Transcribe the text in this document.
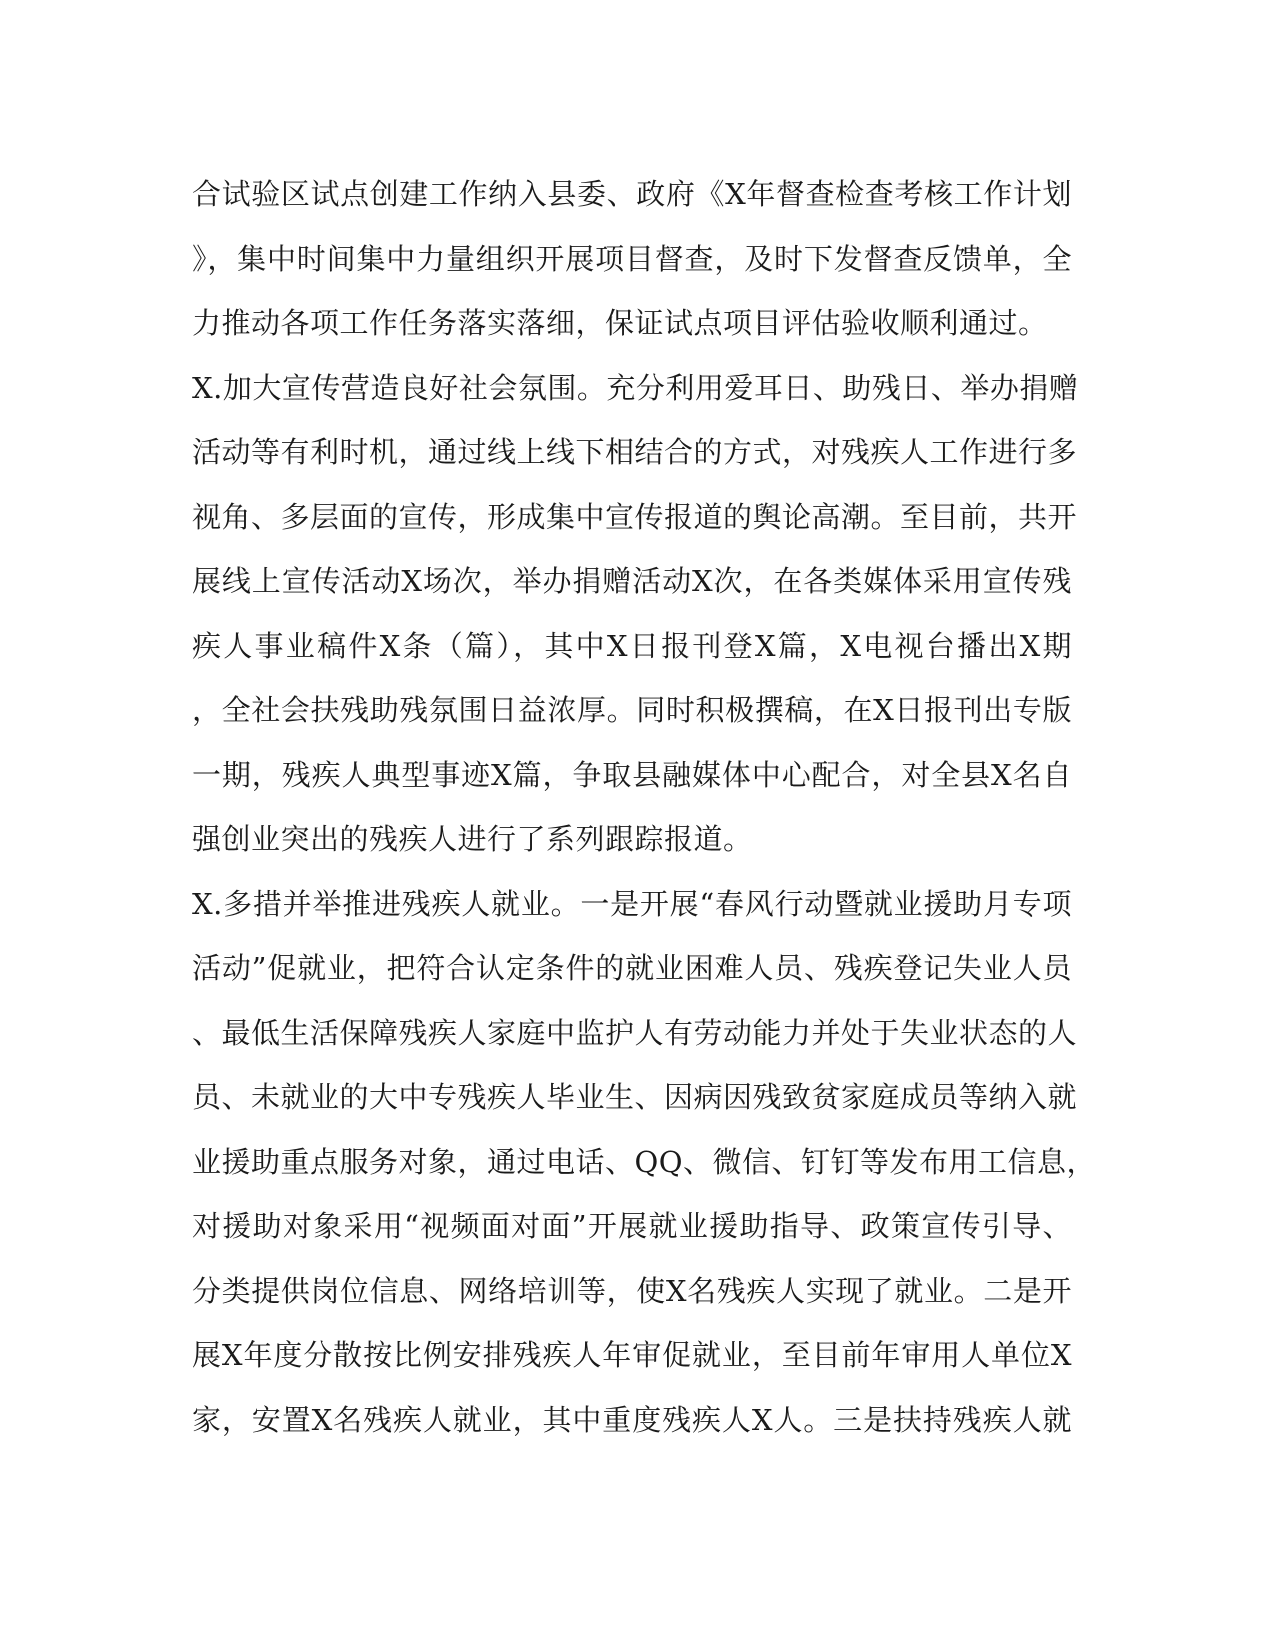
合试验区试点创建工作纳入县委、政府《X年督查检查考核工作计划
》，集中时间集中力量组织开展项目督查，及时下发督查反馈单，全
力推动各项工作任务落实落细，保证试点项目评估验收顺利通过。
X.加大宣传营造良好社会氛围。充分利用爱耳日、助残日、举办捐赠
活动等有利时机，通过线上线下相结合的方式，对残疾人工作进行多
视角、多层面的宣传，形成集中宣传报道的舆论高潮。至目前，共开
展线上宣传活动X场次，举办捐赠活动X次，在各类媒体采用宣传残
疾人事业稿件X条（篇），其中X日报刊登X篇，X电视台播出X期
，全社会扶残助残氛围日益浓厚。同时积极撰稿，在X日报刊出专版
一期，残疾人典型事迹X篇，争取县融媒体中心配合，对全县X名自
强创业突出的残疾人进行了系列跟踪报道。
X.多措并举推进残疾人就业。一是开展“春风行动暨就业援助月专项
活动”促就业，把符合认定条件的就业困难人员、残疾登记失业人员
、最低生活保障残疾人家庭中监护人有劳动能力并处于失业状态的人
员、未就业的大中专残疾人毕业生、因病因残致贫家庭成员等纳入就
业援助重点服务对象，通过电话、QQ、微信、钉钉等发布用工信息，
对援助对象采用“视频面对面”开展就业援助指导、政策宣传引导、
分类提供岗位信息、网络培训等，使X名残疾人实现了就业。二是开
展X年度分散按比例安排残疾人年审促就业，至目前年审用人单位X
家，安置X名残疾人就业，其中重度残疾人X人。三是扶持残疾人就
